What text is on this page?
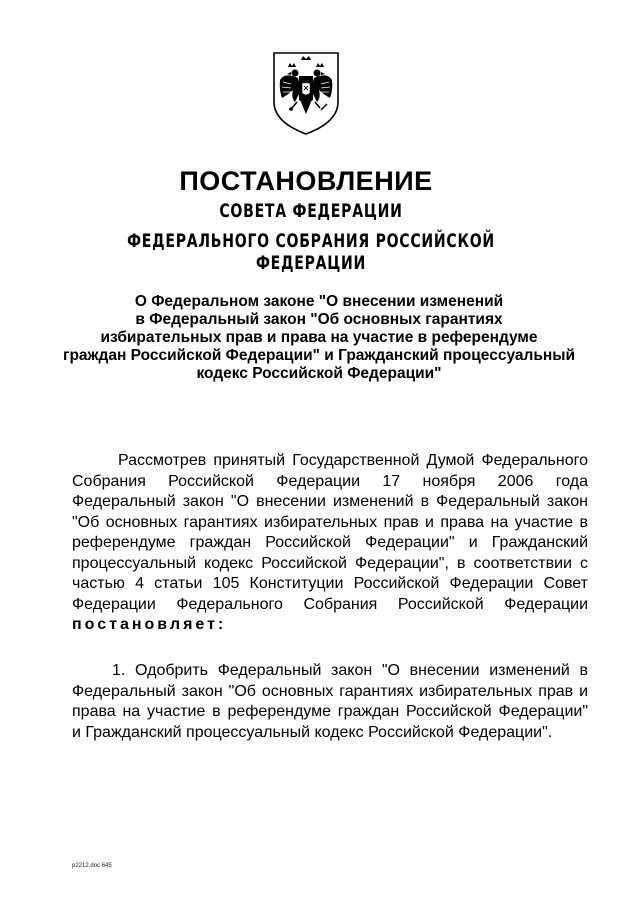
ПОСТАНОВЛЕНИЕ
СОВЕТА ФЕДЕРАЦИИ
ФЕДЕРАЛЬНОГО СОБРАНИЯ РОССИЙСКОЙ ФЕДЕРАЦИИ
О Федеральном законе "О внесении изменений
в Федеральный закон "Об основных гарантиях
избирательных прав и права на участие в референдуме
граждан Российской Федерации" и Гражданский процессуальный
кодекс Российской Федерации"
Рассмотрев принятый Государственной Думой Федерального
Собрания Российской Федерации 17 ноября 2006 года
Федеральный закон "О внесении изменений в Федеральный закон
"Об основных гарантиях избирательных прав и права на участие в
референдуме граждан Российской Федерации" и Гражданский
процессуальный кодекс Российской Федерации", в соответствии с
частью 4 статьи 105 Конституции Российской Федерации Совет
Федерации Федерального Собрания Российской Федерации
постановляет:
1. Одобрить Федеральный закон "О внесении изменений в
Федеральный закон "Об основных гарантиях избирательных прав и
права на участие в референдуме граждан Российской Федерации"
и Гражданский процессуальный кодекс Российской Федерации".
p2212.doc 645
